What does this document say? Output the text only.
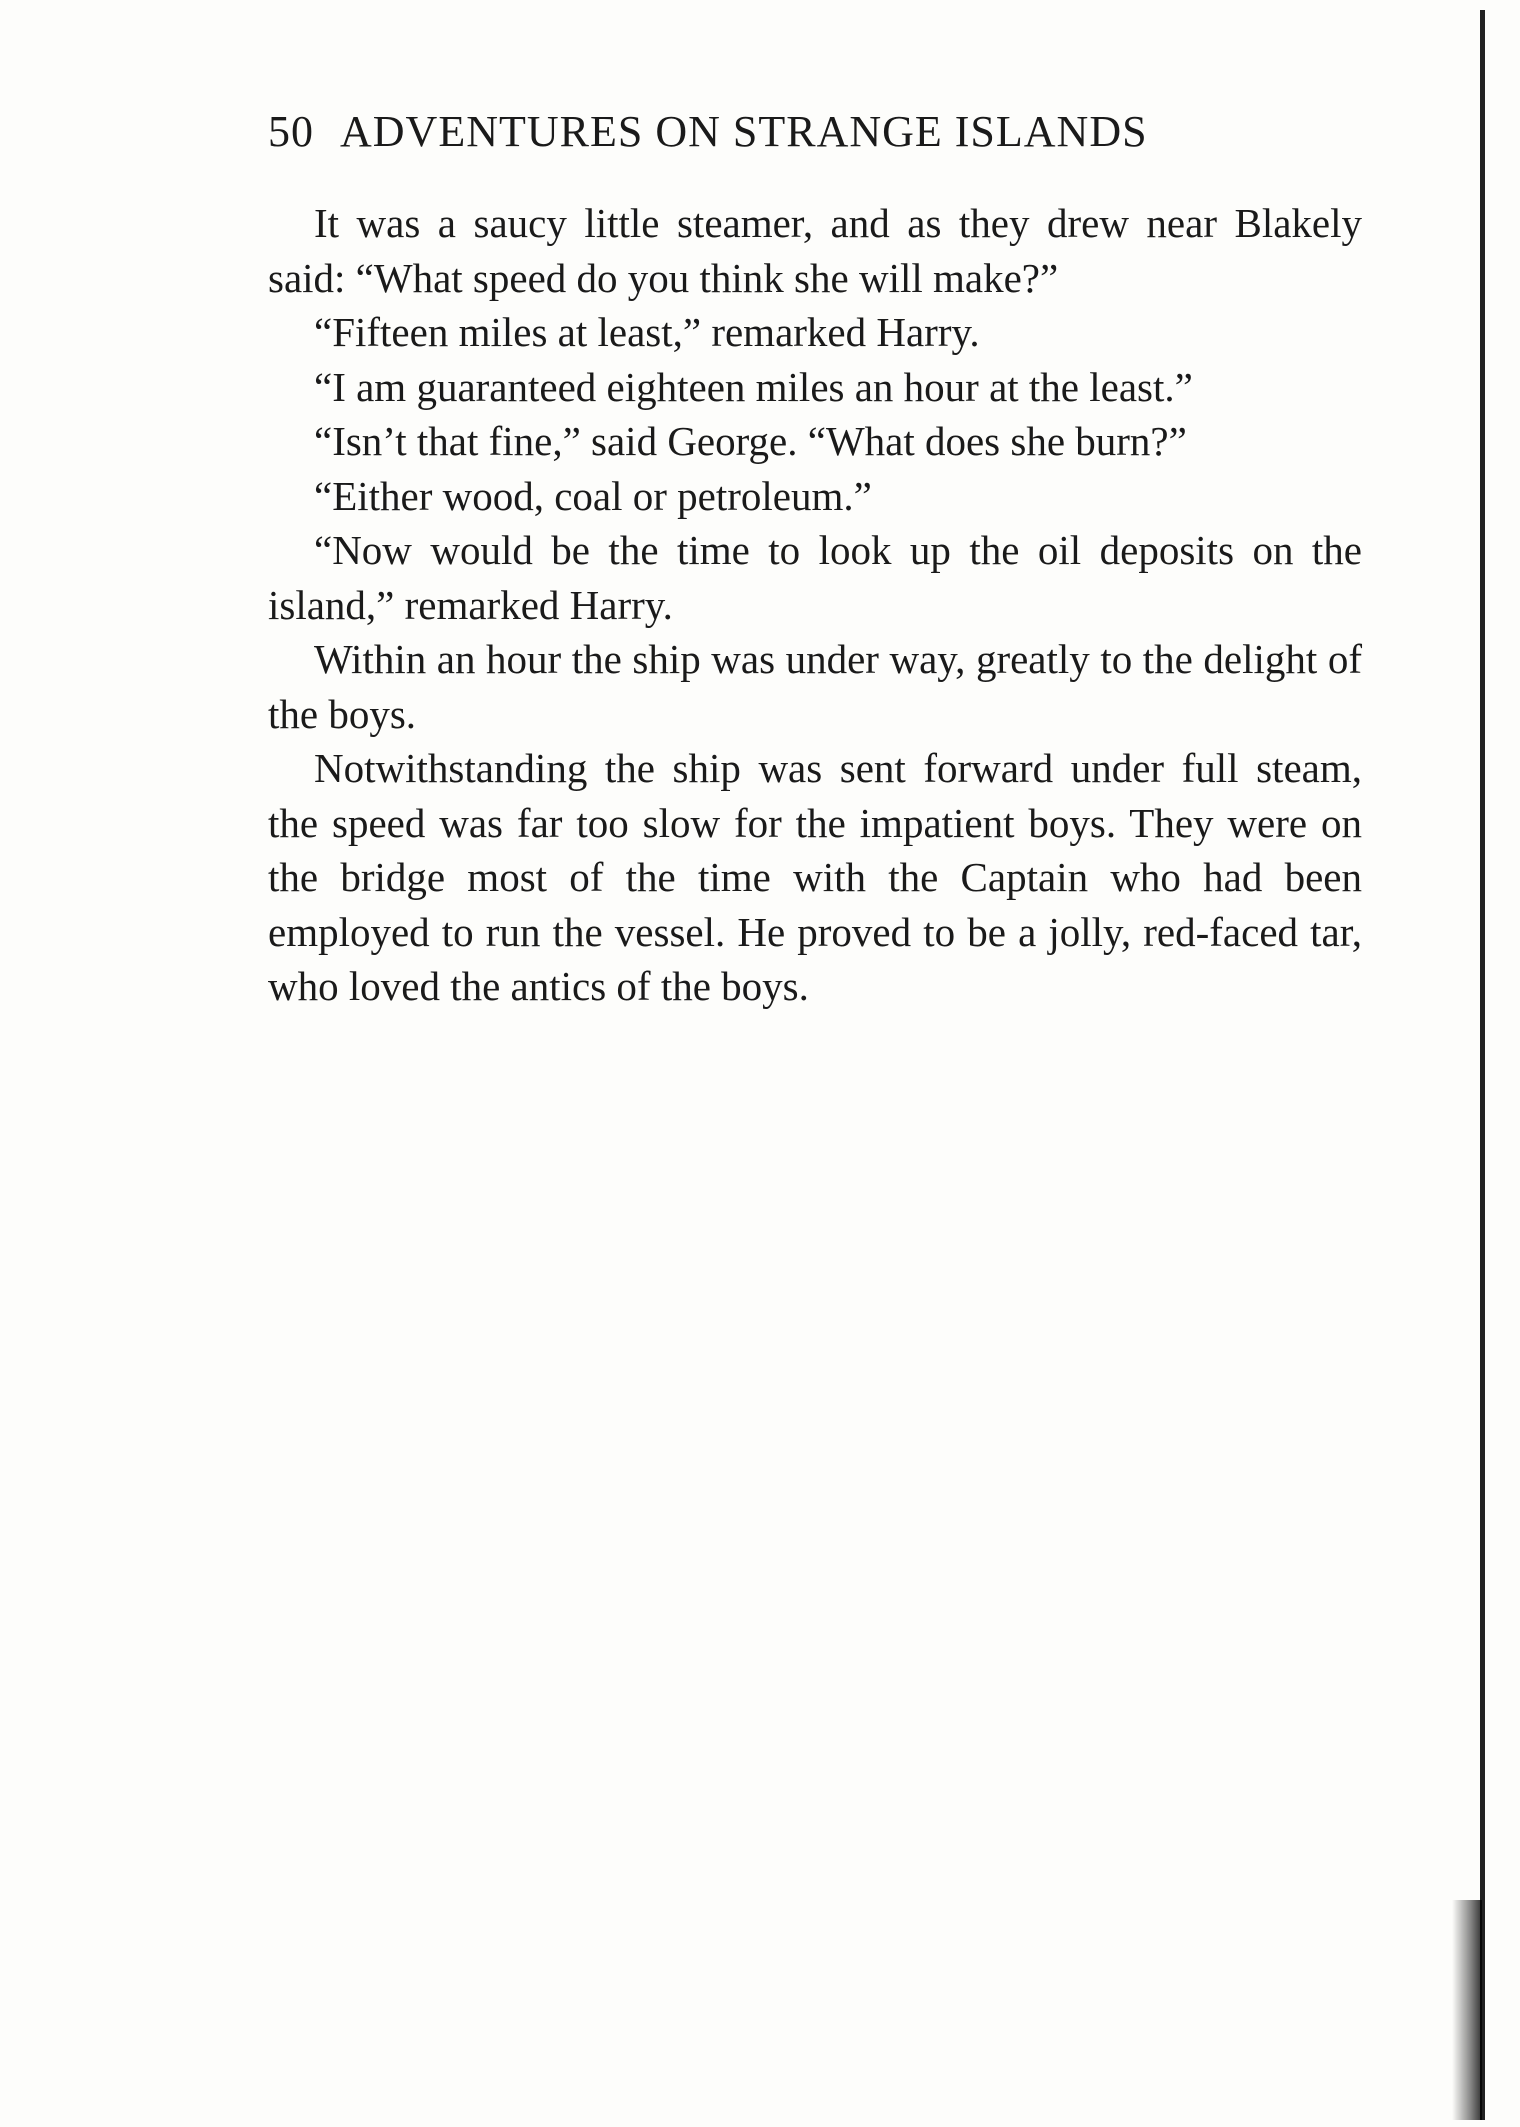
50 ADVENTURES ON STRANGE ISLANDS

It was a saucy little steamer, and as they drew near Blakely said: “What speed do you think she will make?”

“Fifteen miles at least,” remarked Harry.

“I am guaranteed eighteen miles an hour at the least.”

“Isn’t that fine,” said George. “What does she burn?”

“Either wood, coal or petroleum.”

“Now would be the time to look up the oil deposits on the island,” remarked Harry.

Within an hour the ship was under way, greatly to the delight of the boys.

Notwithstanding the ship was sent forward under full steam, the speed was far too slow for the impatient boys. They were on the bridge most of the time with the Captain who had been employed to run the vessel. He proved to be a jolly, red-faced tar, who loved the antics of the boys.
